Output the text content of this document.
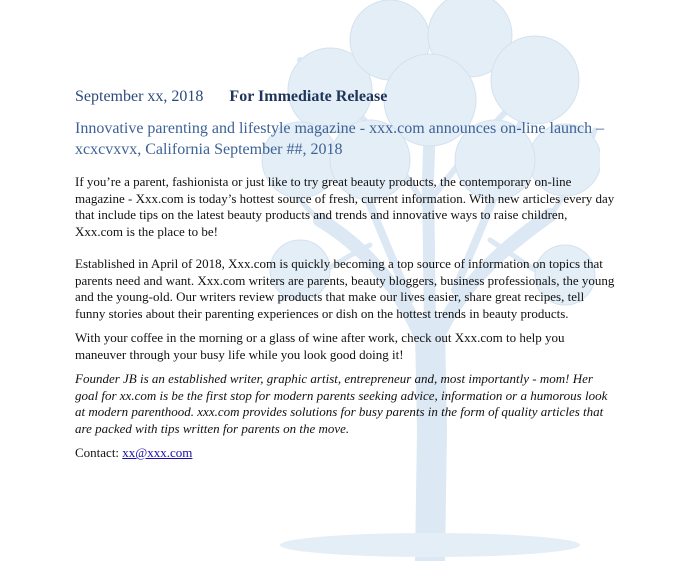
September xx, 2018 For Immediate Release
Innovative parenting and lifestyle magazine - xxx.com announces on-line launch – xcxcvxvx, California September ##, 2018

If you’re a parent, fashionista or just like to try great beauty products, the contemporary on-line magazine - Xxx.com is today’s hottest source of fresh, current information. With new articles every day that include tips on the latest beauty products and trends and innovative ways to raise children, Xxx.com is the place to be!

Established in April of 2018, Xxx.com is quickly becoming a top source of information on topics that parents need and want. Xxx.com writers are parents, beauty bloggers, business professionals, the young and the young-old. Our writers review products that make our lives easier, share great recipes, tell funny stories about their parenting experiences or dish on the hottest trends in beauty products.

With your coffee in the morning or a glass of wine after work, check out Xxx.com to help you maneuver through your busy life while you look good doing it!

Founder JB is an established writer, graphic artist, entrepreneur and, most importantly - mom! Her goal for xx.com is be the first stop for modern parents seeking advice, information or a humorous look at modern parenthood. xxx.com provides solutions for busy parents in the form of quality articles that are packed with tips written for parents on the move.

Contact: xx@xxx.com
